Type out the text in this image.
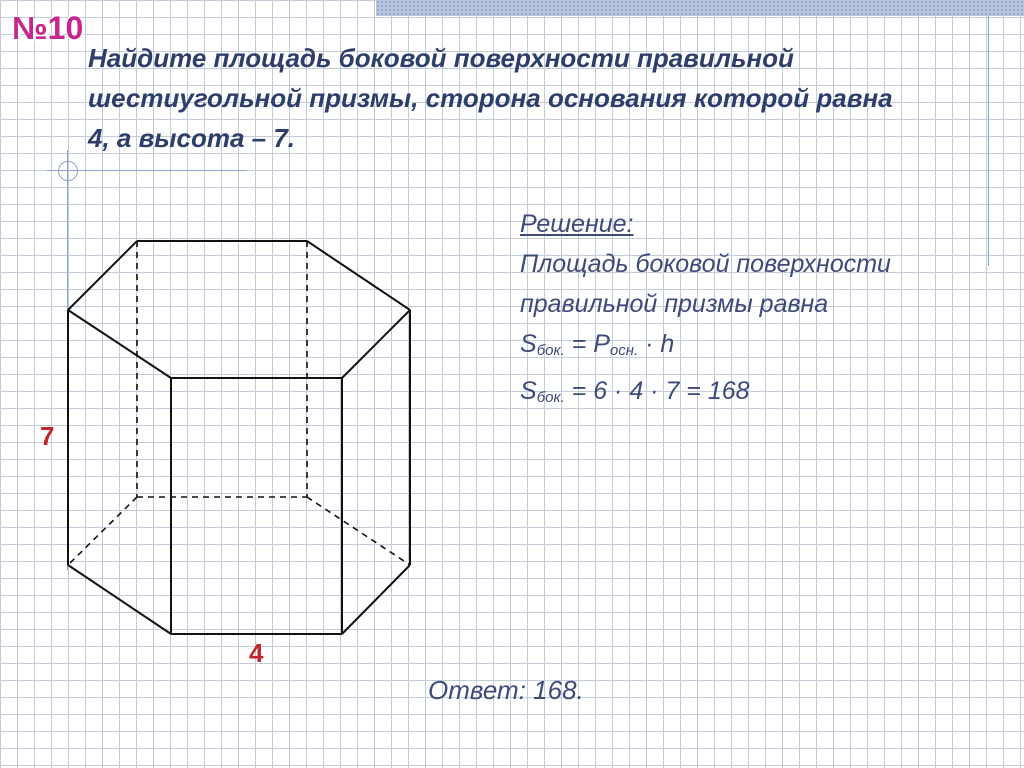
№10
Найдите площадь боковой поверхности правильной
шестиугольной призмы, сторона основания которой равна
4, а высота – 7.
7
4
Решение:
Площадь боковой поверхности
правильной призмы равна
$S_{бок.} = P_{осн.} \cdot h$
$S_{бок.} = 6 \cdot 4 \cdot 7 = 168$
Ответ: 168.
